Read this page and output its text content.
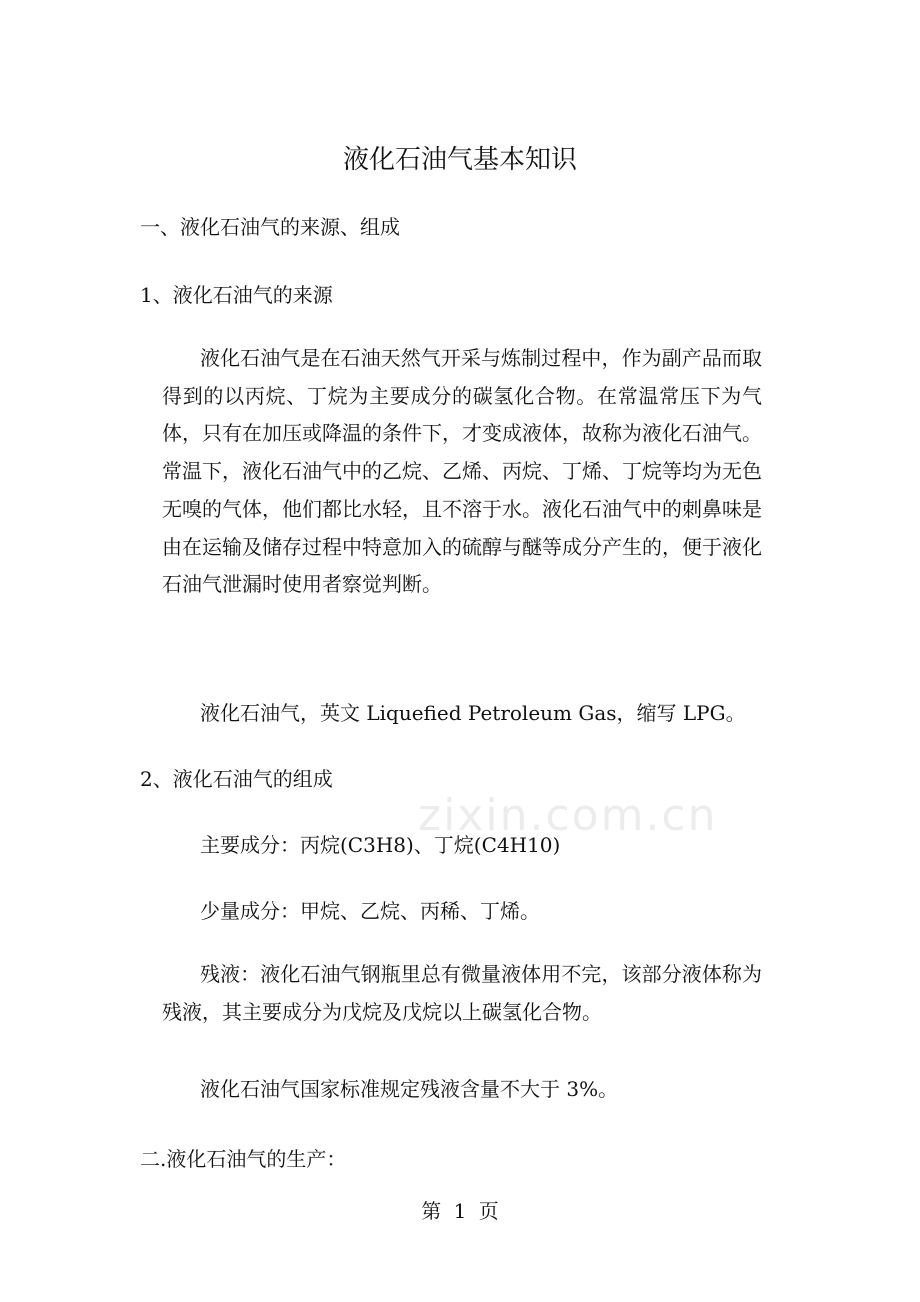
液化石油气基本知识
一、液化石油气的来源、组成
1、液化石油气的来源
液化石油气是在石油天然气开采与炼制过程中，作为副产品而取得到的以丙烷、丁烷为主要成分的碳氢化合物。在常温常压下为气体，只有在加压或降温的条件下，才变成液体，故称为液化石油气。常温下，液化石油气中的乙烷、乙烯、丙烷、丁烯、丁烷等均为无色无嗅的气体，他们都比水轻，且不溶于水。液化石油气中的刺鼻味是由在运输及储存过程中特意加入的硫醇与醚等成分产生的，便于液化石油气泄漏时使用者察觉判断。
液化石油气，英文 Liquefied Petroleum Gas，缩写 LPG。
2、液化石油气的组成
主要成分：丙烷(C3H8)、丁烷(C4H10)
少量成分：甲烷、乙烷、丙稀、丁烯。
残液：液化石油气钢瓶里总有微量液体用不完，该部分液体称为残液，其主要成分为戊烷及戊烷以上碳氢化合物。
液化石油气国家标准规定残液含量不大于 3%。
二.液化石油气的生产：
zixin.com.cn
第 1 页
